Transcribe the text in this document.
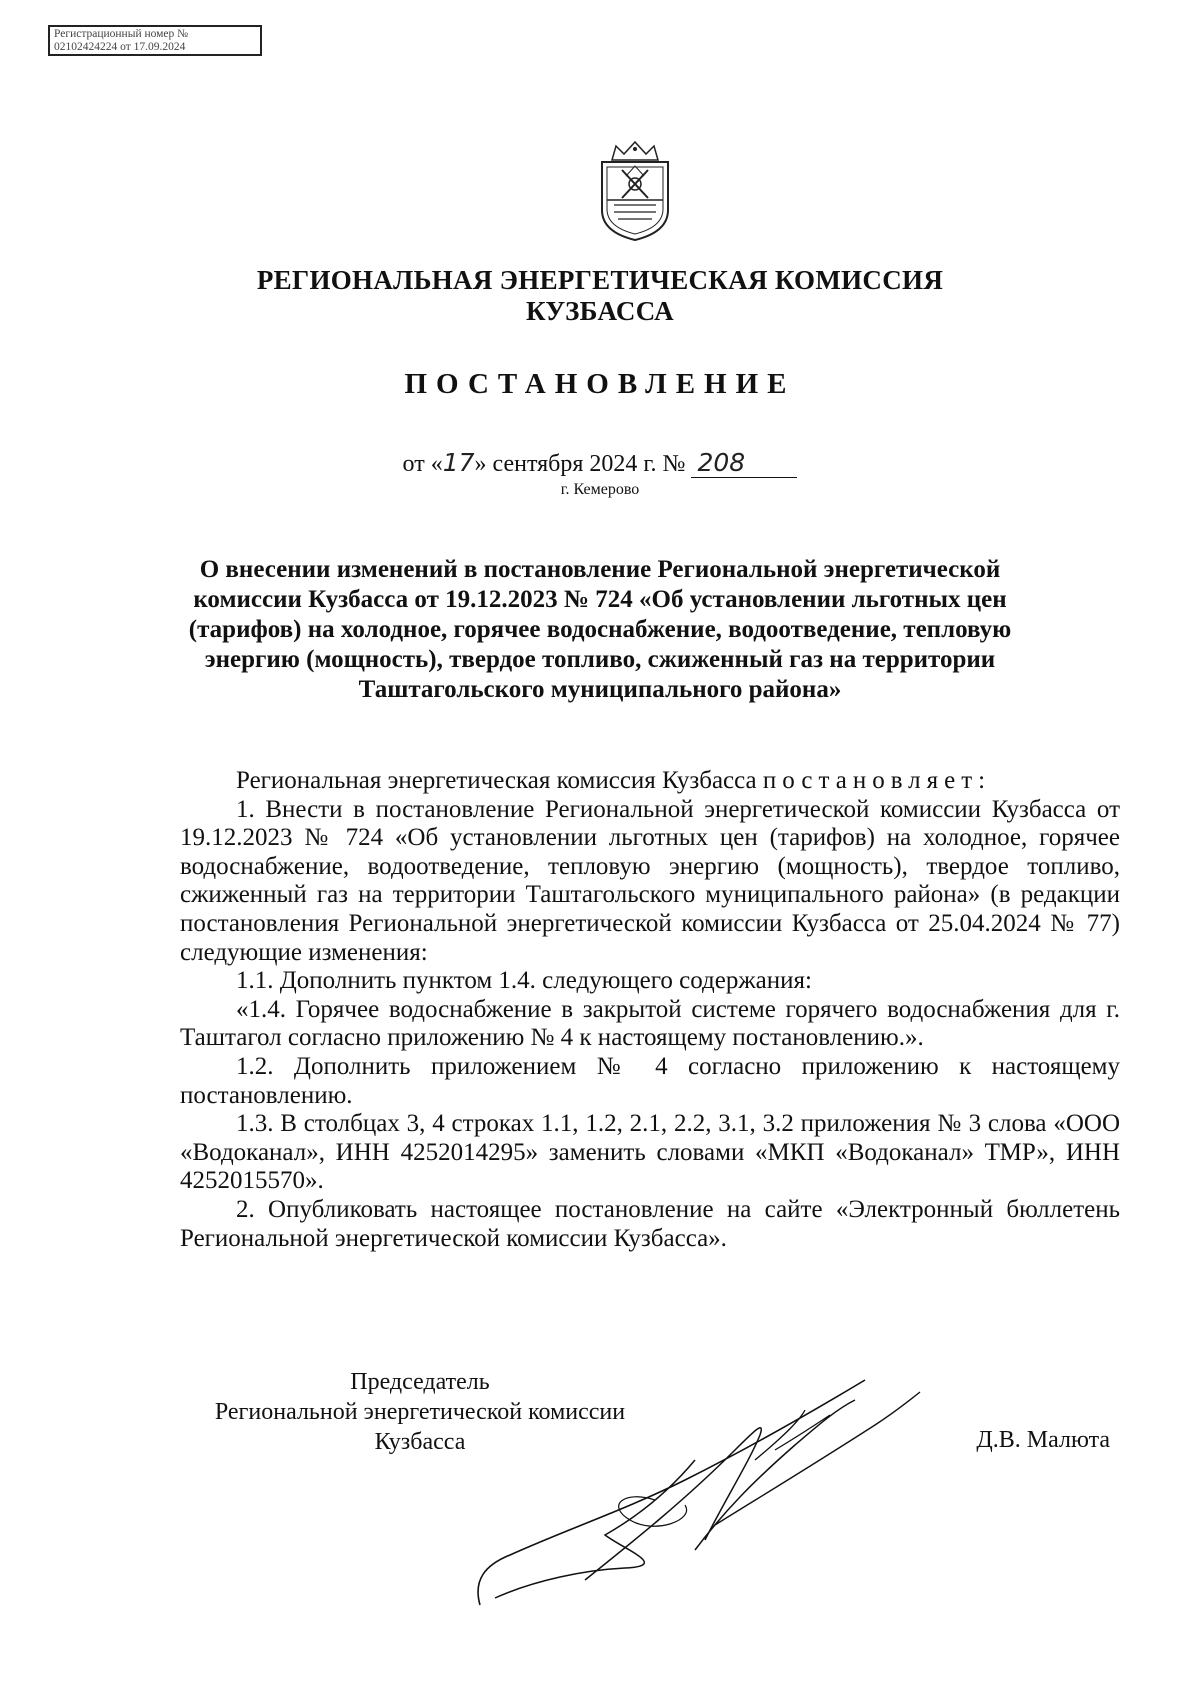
Регистрационный номер №
02102424224 от 17.09.2024
РЕГИОНАЛЬНАЯ ЭНЕРГЕТИЧЕСКАЯ КОМИССИЯ
КУЗБАССА
ПОСТАНОВЛЕНИЕ
от «17» сентября 2024 г. № 208
г. Кемерово
О внесении изменений в постановление Региональной энергетической комиссии Кузбасса от 19.12.2023 № 724 «Об установлении льготных цен (тарифов) на холодное, горячее водоснабжение, водоотведение, тепловую энергию (мощность), твердое топливо, сжиженный газ на территории Таштагольского муниципального района»

Региональная энергетическая комиссия Кузбасса постановляет:

1. Внести в постановление Региональной энергетической комиссии Кузбасса от 19.12.2023 № 724 «Об установлении льготных цен (тарифов) на холодное, горячее водоснабжение, водоотведение, тепловую энергию (мощность), твердое топливо, сжиженный газ на территории Таштагольского муниципального района» (в редакции постановления Региональной энергетической комиссии Кузбасса от 25.04.2024 № 77) следующие изменения:

1.1. Дополнить пунктом 1.4. следующего содержания:

«1.4. Горячее водоснабжение в закрытой системе горячего водоснабжения для г. Таштагол согласно приложению № 4 к настоящему постановлению.».

1.2. Дополнить приложением № 4 согласно приложению к настоящему постановлению.

1.3. В столбцах 3, 4 строках 1.1, 1.2, 2.1, 2.2, 3.1, 3.2 приложения № 3 слова «ООО «Водоканал», ИНН 4252014295» заменить словами «МКП «Водоканал» ТМР», ИНН 4252015570».

2. Опубликовать настоящее постановление на сайте «Электронный бюллетень Региональной энергетической комиссии Кузбасса».

Председатель
Региональной энергетической комиссии
Кузбасса	Д.В. Малюта
